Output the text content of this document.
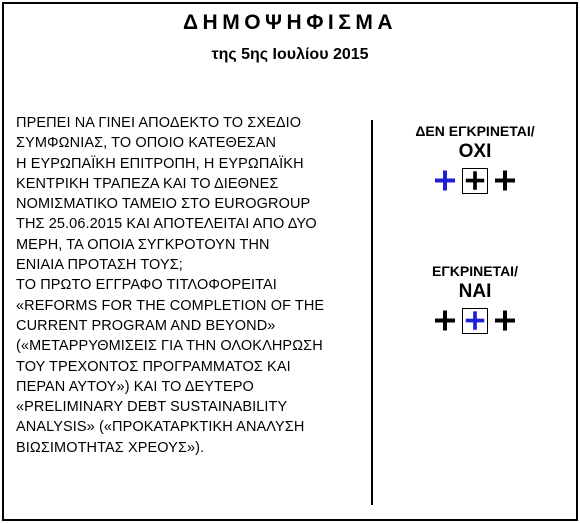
ΔΗΜΟΨΗΦΙΣΜΑ
της 5ης Ιουλίου 2015
ΠΡΕΠΕΙ ΝΑ ΓΙΝΕΙ ΑΠΟΔΕΚΤΟ ΤΟ ΣΧΕΔΙΟ
ΣΥΜΦΩΝΙΑΣ, ΤΟ ΟΠΟΙΟ ΚΑΤΕΘΕΣΑΝ
Η ΕΥΡΩΠΑΪΚΗ ΕΠΙΤΡΟΠΗ, Η ΕΥΡΩΠΑΪΚΗ
ΚΕΝΤΡΙΚΗ ΤΡΑΠΕΖΑ ΚΑΙ ΤΟ ΔΙΕΘΝΕΣ
ΝΟΜΙΣΜΑΤΙΚΟ ΤΑΜΕΙΟ ΣΤΟ EUROGROUP
ΤΗΣ 25.06.2015 ΚΑΙ ΑΠΟΤΕΛΕΙΤΑΙ ΑΠΟ ΔΥΟ
ΜΕΡΗ, ΤΑ ΟΠΟΙΑ ΣΥΓΚΡΟΤΟΥΝ ΤΗΝ
ΕΝΙΑΙΑ ΠΡΟΤΑΣΗ ΤΟΥΣ;
ΤΟ ΠΡΩΤΟ ΕΓΓΡΑΦΟ ΤΙΤΛΟΦΟΡΕΙΤΑΙ
«REFORMS FOR THE COMPLETION OF THE
CURRENT PROGRAM AND BEYOND»
(«ΜΕΤΑΡΡΥΘΜΙΣΕΙΣ ΓΙΑ ΤΗΝ ΟΛΟΚΛΗΡΩΣΗ
ΤΟΥ ΤΡΕΧΟΝΤΟΣ ΠΡΟΓΡΑΜΜΑΤΟΣ ΚΑΙ
ΠΕΡΑΝ ΑΥΤΟΥ») ΚΑΙ ΤΟ ΔΕΥΤΕΡΟ
«PRELIMINARY DEBT SUSTAINABILITY
ANALYSIS» («ΠΡΟΚΑΤΑΡΚΤΙΚΗ ΑΝΑΛΥΣΗ
ΒΙΩΣΙΜΟΤΗΤΑΣ ΧΡΕΟΥΣ»).
ΔΕΝ ΕΓΚΡΙΝΕΤΑΙ/
ΟΧΙ
ΕΓΚΡΙΝΕΤΑΙ/
ΝΑΙ
